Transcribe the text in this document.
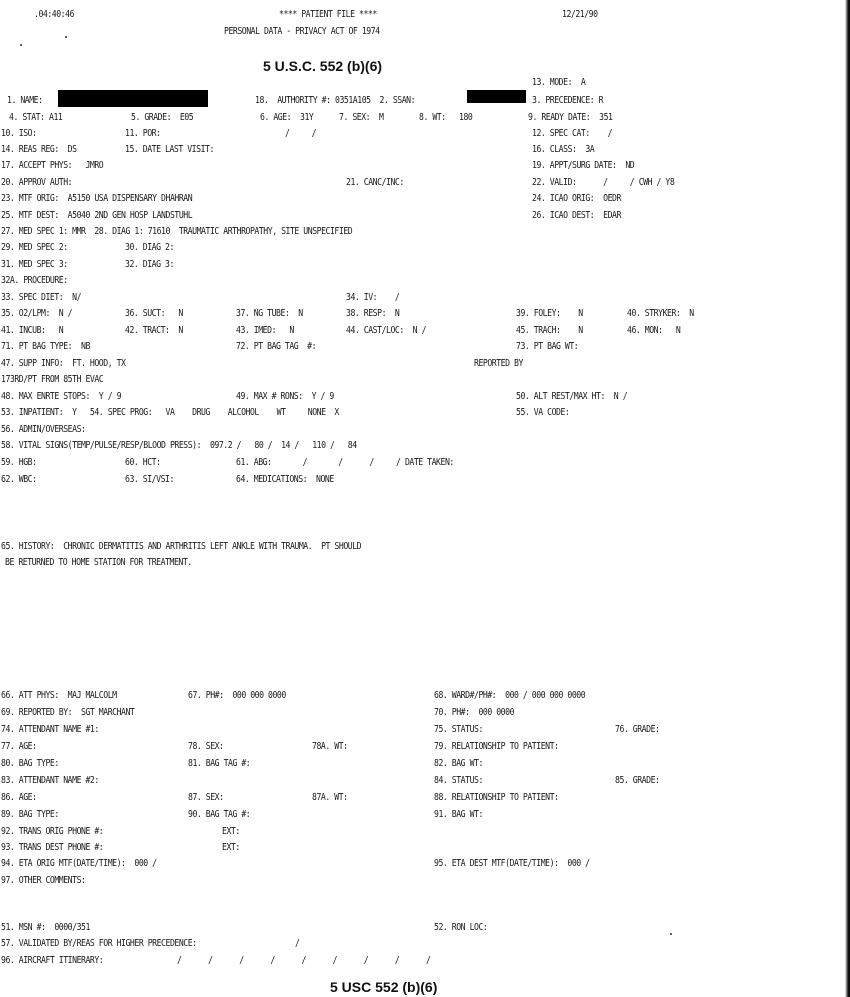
.04:40:46	**** PATIENT FILE ****	12/21/90
PERSONAL DATA - PRIVACY ACT OF 1974
5 U.S.C. 552 (b)(6)
13. MODE:  A
1. NAME:	18.  AUTHORITY #: 0351A105  2. SSAN:	3. PRECEDENCE: R
4. STAT: A11	5. GRADE:  E05	6. AGE:  31Y	7. SEX:  M	8. WT:   180	9. READY DATE:  351
10. ISO:	11. POR:	/     /	12. SPEC CAT:    /
14. REAS REG:  DS	15. DATE LAST VISIT:	16. CLASS:  3A
17. ACCEPT PHYS:   JMRO	19. APPT/SURG DATE:  ND
20. APPROV AUTH:	21. CANC/INC:	22. VALID:      /     / CWH / Y8
23. MTF ORIG:  A5150 USA DISPENSARY DHAHRAN	24. ICAO ORIG:  OEDR
25. MTF DEST:  A5040 2ND GEN HOSP LANDSTUHL	26. ICAO DEST:  EDAR
27. MED SPEC 1: MMR  28. DIAG 1: 71610  TRAUMATIC ARTHROPATHY, SITE UNSPECIFIED
29. MED SPEC 2:	30. DIAG 2:
31. MED SPEC 3:	32. DIAG 3:
32A. PROCEDURE:
33. SPEC DIET:  N/	34. IV:    /
35. O2/LPM:  N /	36. SUCT:   N	37. NG TUBE:  N	38. RESP:  N	39. FOLEY:    N	40. STRYKER:  N
41. INCUB:   N	42. TRACT:  N	43. IMED:   N	44. CAST/LOC:  N /	45. TRACH:    N	46. MON:   N
71. PT BAG TYPE:  NB	72. PT BAG TAG  #:	73. PT BAG WT:
47. SUPP INFO:  FT. HOOD, TX	REPORTED BY
173RD/PT FROM 85TH EVAC
48. MAX ENRTE STOPS:  Y / 9	49. MAX # RONS:  Y / 9	50. ALT REST/MAX HT:  N /
53. INPATIENT:  Y   54. SPEC PROG:   VA    DRUG    ALCOHOL    WT     NONE  X	55. VA CODE:
56. ADMIN/OVERSEAS:
58. VITAL SIGNS(TEMP/PULSE/RESP/BLOOD PRESS):  097.2 /   80 /  14 /   110 /   84
59. HGB:	60. HCT:	61. ABG:       /       /      /     / DATE TAKEN:
62. WBC:	63. SI/VSI:	64. MEDICATIONS:  NONE
65. HISTORY:  CHRONIC DERMATITIS AND ARTHRITIS LEFT ANKLE WITH TRAUMA.  PT SHOULD
BE RETURNED TO HOME STATION FOR TREATMENT.
66. ATT PHYS:  MAJ MALCOLM	67. PH#:  000 000 0000	68. WARD#/PH#:  000 / 000 000 0000
69. REPORTED BY:  SGT MARCHANT	70. PH#:  000 0000
74. ATTENDANT NAME #1:	75. STATUS:	76. GRADE:
77. AGE:	78. SEX:	78A. WT:	79. RELATIONSHIP TO PATIENT:
80. BAG TYPE:	81. BAG TAG #:	82. BAG WT:
83. ATTENDANT NAME #2:	84. STATUS:	85. GRADE:
86. AGE:	87. SEX:	87A. WT:	88. RELATIONSHIP TO PATIENT:
89. BAG TYPE:	90. BAG TAG #:	91. BAG WT:
92. TRANS ORIG PHONE #:	EXT:
93. TRANS DEST PHONE #:	EXT:
94. ETA ORIG MTF(DATE/TIME):  000 /	95. ETA DEST MTF(DATE/TIME):  000 /
97. OTHER COMMENTS:
51. MSN #:  0000/351	52. RON LOC:
57. VALIDATED BY/REAS FOR HIGHER PRECEDENCE:	/
96. AIRCRAFT ITINERARY:	/      /      /      /      /      /      /      /      /
5 USC 552 (b)(6)
